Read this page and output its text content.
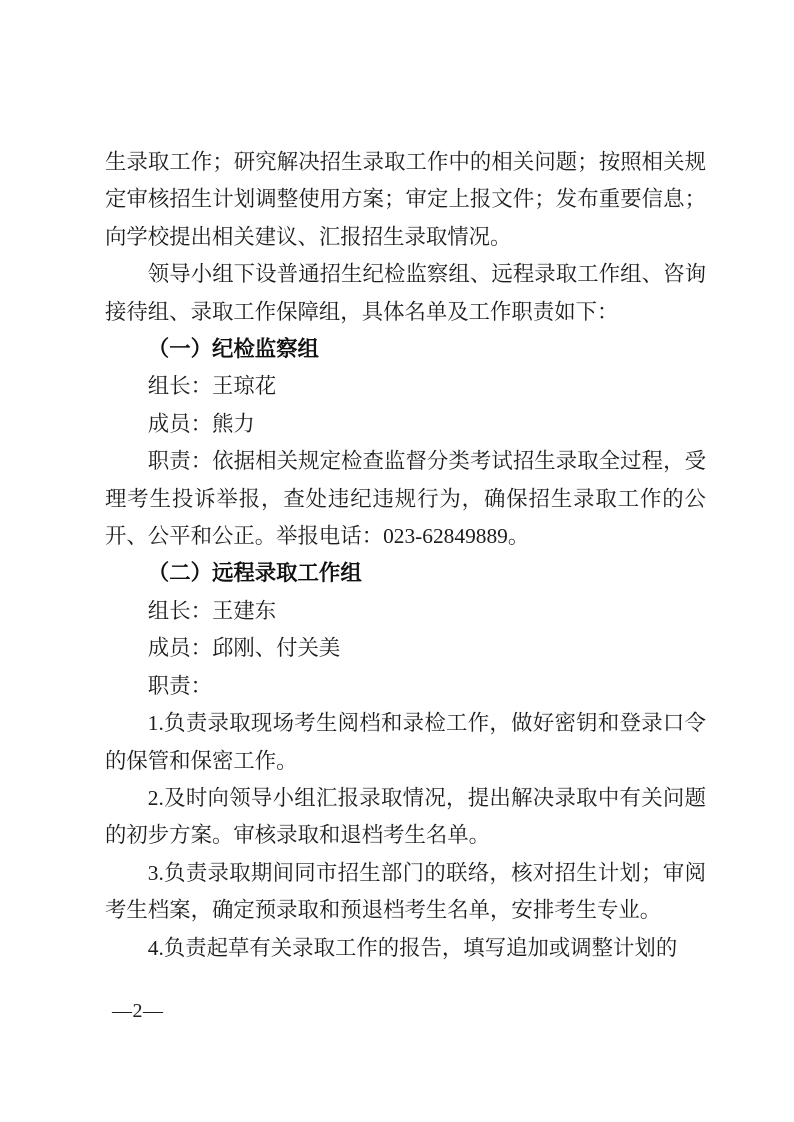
生录取工作；研究解决招生录取工作中的相关问题；按照相关规定审核招生计划调整使用方案；审定上报文件；发布重要信息；向学校提出相关建议、汇报招生录取情况。

领导小组下设普通招生纪检监察组、远程录取工作组、咨询接待组、录取工作保障组，具体名单及工作职责如下：

（一）纪检监察组

组长：王琼花

成员：熊力

职责：依据相关规定检查监督分类考试招生录取全过程，受理考生投诉举报，查处违纪违规行为，确保招生录取工作的公开、公平和公正。举报电话：023-62849889。

（二）远程录取工作组

组长：王建东

成员：邱刚、付关美

职责：

1.负责录取现场考生阅档和录检工作，做好密钥和登录口令的保管和保密工作。

2.及时向领导小组汇报录取情况，提出解决录取中有关问题的初步方案。审核录取和退档考生名单。

3.负责录取期间同市招生部门的联络，核对招生计划；审阅考生档案，确定预录取和预退档考生名单，安排考生专业。

4.负责起草有关录取工作的报告，填写追加或调整计划的

—2—
